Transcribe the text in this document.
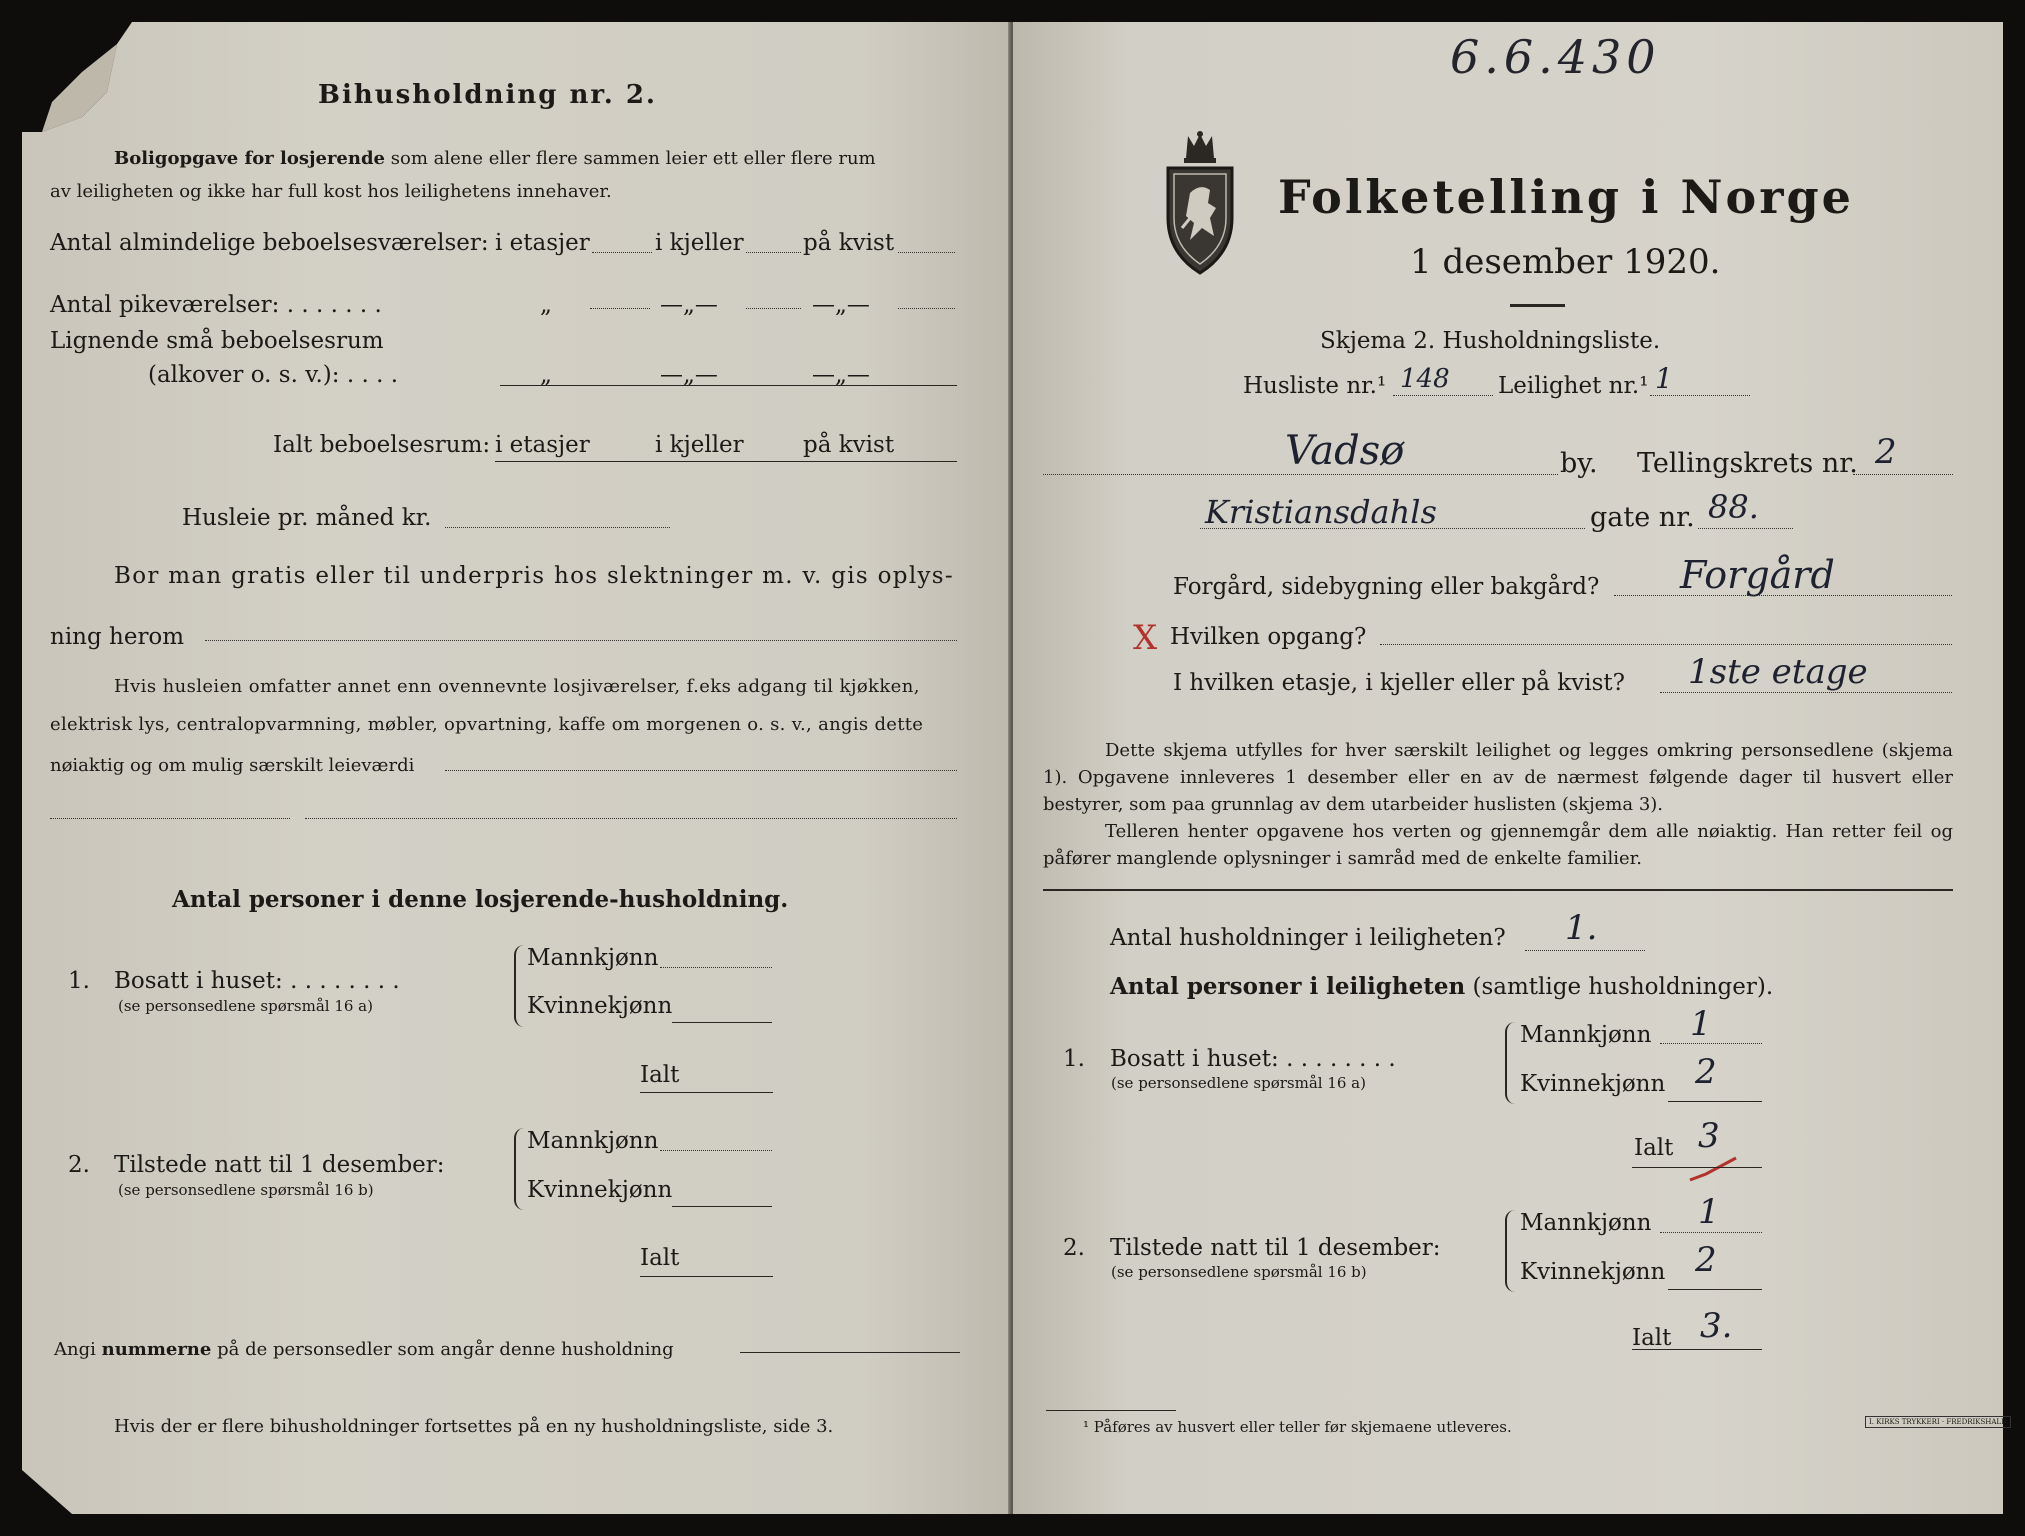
Bihusholdning nr. 2.
Boligopgave for losjerende som alene eller flere sammen leier ett eller flere rum
av leiligheten og ikke har full kost hos leilighetens innehaver.
Antal almindelige beboelsesværelser: i etasjer	i kjeller	på kvist
Antal pikeværelser: . . . . . . .	„	—„—	—„—
Lignende små beboelsesrum
(alkover o. s. v.): . . . .	„	—„—	—„—
Ialt beboelsesrum: i etasjer	i kjeller	på kvist
Husleie pr. måned kr.
Bor man gratis eller til underpris hos slektninger m. v. gis oplys-
ning herom
Hvis husleien omfatter annet enn ovennevnte losjiværelser, f.eks adgang til kjøkken,
elektrisk lys, centralopvarmning, møbler, opvartning, kaffe om morgenen o. s. v., angis dette
nøiaktig og om mulig særskilt leieværdi
Antal personer i denne losjerende-husholdning.
1. Bosatt i huset: . . . . . . . .
(se personsedlene spørsmål 16 a)
Mannkjønn
Kvinnekjønn
Ialt
2. Tilstede natt til 1 desember:
(se personsedlene spørsmål 16 b)
Mannkjønn
Kvinnekjønn
Ialt
Angi nummerne på de personsedler som angår denne husholdning
Hvis der er flere bihusholdninger fortsettes på en ny husholdningsliste, side 3.
6.6.430
Folketelling i Norge
1 desember 1920.
Skjema 2. Husholdningsliste.
Husliste nr.¹ 148 Leilighet nr.¹ 1
Vadsø	by. Tellingskrets nr. 2
Kristiansdahls	gate nr. 88.
Forgård, sidebygning eller bakgård? Forgård
X Hvilken opgang?
I hvilken etasje, i kjeller eller på kvist? 1ste etage
Dette skjema utfylles for hver særskilt leilighet og legges omkring personsedlene (skjema 1). Opgavene innleveres 1 desember eller en av de nærmest følgende dager til husvert eller bestyrer, som paa grunnlag av dem utarbeider huslisten (skjema 3).
Telleren henter opgavene hos verten og gjennemgår dem alle nøiaktig. Han retter feil og påfører manglende oplysninger i samråd med de enkelte familier.
Antal husholdninger i leiligheten? 1.
Antal personer i leiligheten (samtlige husholdninger).
1. Bosatt i huset: . . . . . . . .
(se personsedlene spørsmål 16 a)
Mannkjønn 1
Kvinnekjønn 2
Ialt 3
2. Tilstede natt til 1 desember:
(se personsedlene spørsmål 16 b)
Mannkjønn 1
Kvinnekjønn 2
Ialt 3.
¹ Påføres av husvert eller teller før skjemaene utleveres.	I. KIRKS TRYKKERI · FREDRIKSHALD
